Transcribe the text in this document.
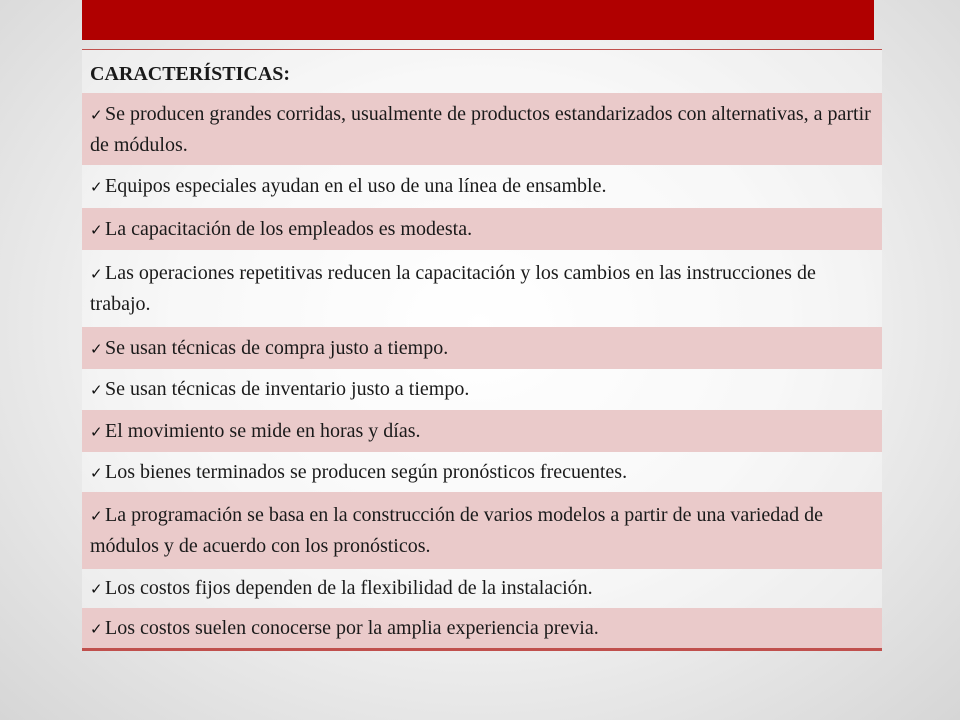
CARACTERÍSTICAS:
✓ Se producen grandes corridas, usualmente de productos estandarizados con alternativas, a partir de módulos.
✓ Equipos especiales ayudan en el uso de una línea de ensamble.
✓ La capacitación de los empleados es modesta.
✓ Las operaciones repetitivas reducen la capacitación y los cambios en las instrucciones de trabajo.
✓ Se usan técnicas de compra justo a tiempo.
✓ Se usan técnicas de inventario justo a tiempo.
✓ El movimiento se mide en horas y días.
✓ Los bienes terminados se producen según pronósticos frecuentes.
✓ La programación se basa en la construcción de varios modelos a partir de una variedad de módulos y de acuerdo con los pronósticos.
✓ Los costos fijos dependen de la flexibilidad de la instalación.
✓ Los costos suelen conocerse por la amplia experiencia previa.
